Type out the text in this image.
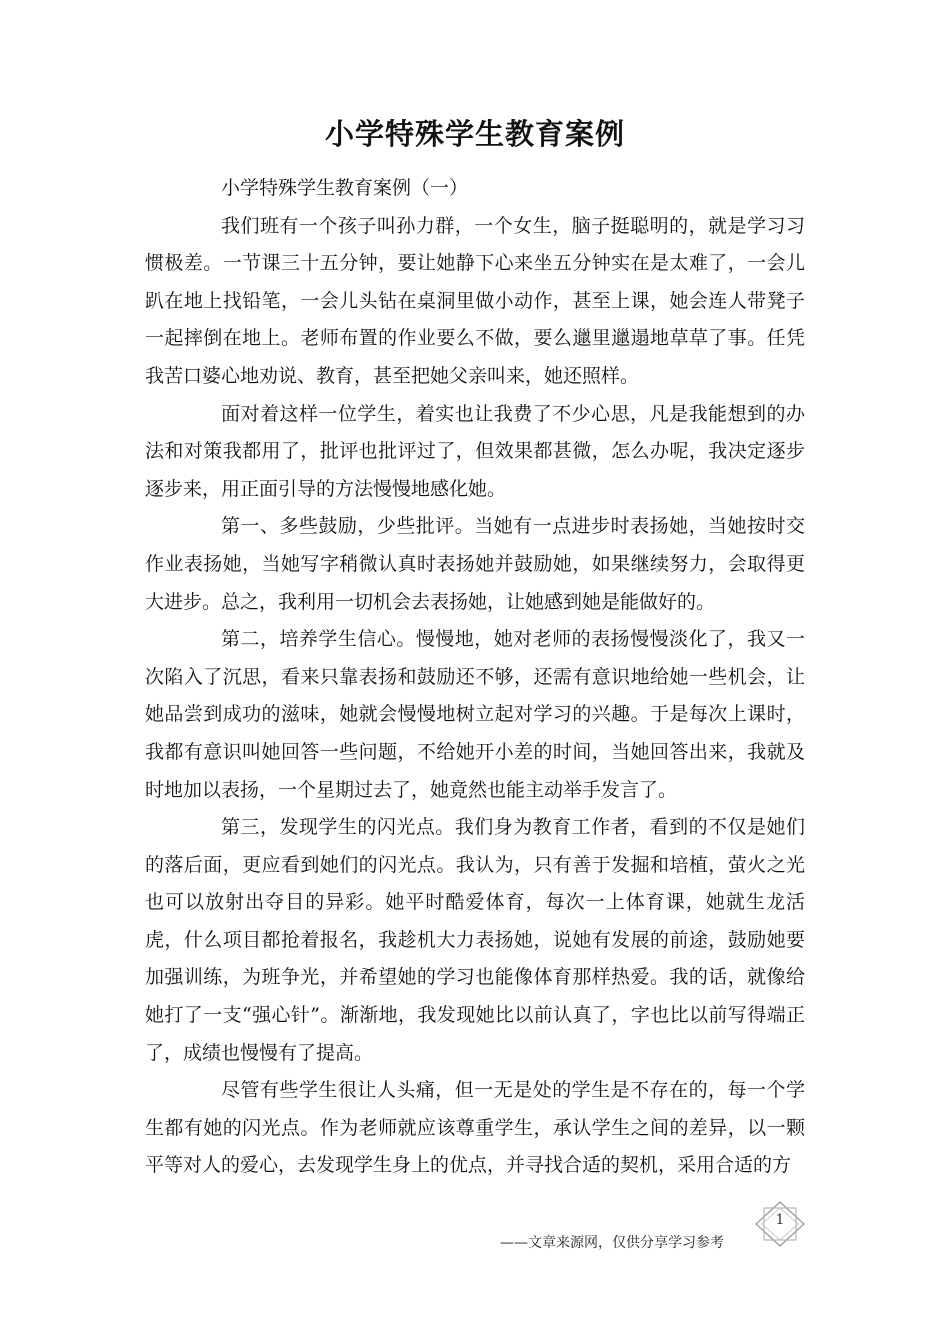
小学特殊学生教育案例

小学特殊学生教育案例（一）

我们班有一个孩子叫孙力群，一个女生，脑子挺聪明的，就是学习习惯极差。一节课三十五分钟，要让她静下心来坐五分钟实在是太难了，一会儿趴在地上找铅笔，一会儿头钻在桌洞里做小动作，甚至上课，她会连人带凳子一起摔倒在地上。老师布置的作业要么不做，要么邋里邋遢地草草了事。任凭我苦口婆心地劝说、教育，甚至把她父亲叫来，她还照样。

面对着这样一位学生，着实也让我费了不少心思，凡是我能想到的办法和对策我都用了，批评也批评过了，但效果都甚微，怎么办呢，我决定逐步逐步来，用正面引导的方法慢慢地感化她。

第一、多些鼓励，少些批评。当她有一点进步时表扬她，当她按时交作业表扬她，当她写字稍微认真时表扬她并鼓励她，如果继续努力，会取得更大进步。总之，我利用一切机会去表扬她，让她感到她是能做好的。

第二，培养学生信心。慢慢地，她对老师的表扬慢慢淡化了，我又一次陷入了沉思，看来只靠表扬和鼓励还不够，还需有意识地给她一些机会，让她品尝到成功的滋味，她就会慢慢地树立起对学习的兴趣。于是每次上课时，我都有意识叫她回答一些问题，不给她开小差的时间，当她回答出来，我就及时地加以表扬，一个星期过去了，她竟然也能主动举手发言了。

第三，发现学生的闪光点。我们身为教育工作者，看到的不仅是她们的落后面，更应看到她们的闪光点。我认为，只有善于发掘和培植，萤火之光也可以放射出夺目的异彩。她平时酷爱体育，每次一上体育课，她就生龙活虎，什么项目都抢着报名，我趁机大力表扬她，说她有发展的前途，鼓励她要加强训练，为班争光，并希望她的学习也能像体育那样热爱。我的话，就像给她打了一支“强心针”。渐渐地，我发现她比以前认真了，字也比以前写得端正了，成绩也慢慢有了提高。

尽管有些学生很让人头痛，但一无是处的学生是不存在的，每一个学生都有她的闪光点。作为老师就应该尊重学生，承认学生之间的差异，以一颗平等对人的爱心，去发现学生身上的优点，并寻找合适的契机，采用合适的方

——文章来源网，仅供分享学习参考
1
